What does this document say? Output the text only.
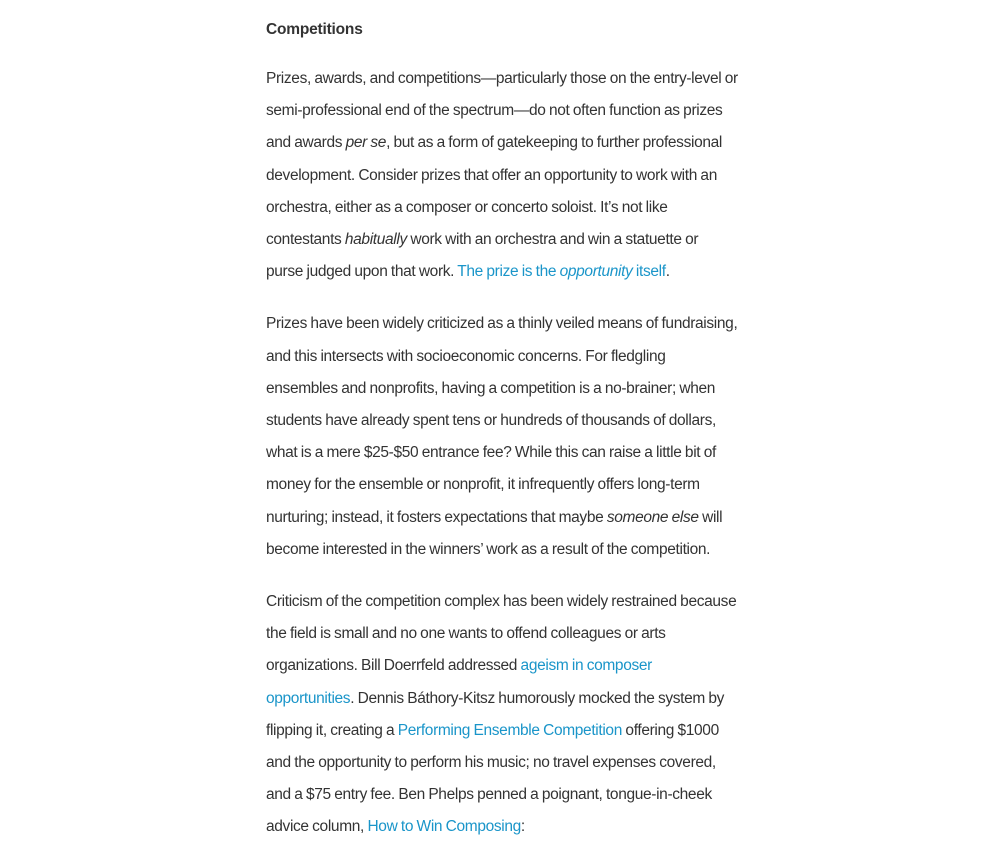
Competitions

Prizes, awards, and competitions—particularly those on the entry-level or
semi-professional end of the spectrum—do not often function as prizes
and awards per se, but as a form of gatekeeping to further professional
development. Consider prizes that offer an opportunity to work with an
orchestra, either as a composer or concerto soloist. It’s not like
contestants habitually work with an orchestra and win a statuette or
purse judged upon that work. The prize is the opportunity itself.

Prizes have been widely criticized as a thinly veiled means of fundraising,
and this intersects with socioeconomic concerns. For fledgling
ensembles and nonprofits, having a competition is a no-brainer; when
students have already spent tens or hundreds of thousands of dollars,
what is a mere $25-$50 entrance fee? While this can raise a little bit of
money for the ensemble or nonprofit, it infrequently offers long-term
nurturing; instead, it fosters expectations that maybe someone else will
become interested in the winners’ work as a result of the competition.

Criticism of the competition complex has been widely restrained because
the field is small and no one wants to offend colleagues or arts
organizations. Bill Doerrfeld addressed ageism in composer
opportunities. Dennis Báthory-Kitsz humorously mocked the system by
flipping it, creating a Performing Ensemble Competition offering $1000
and the opportunity to perform his music; no travel expenses covered,
and a $75 entry fee. Ben Phelps penned a poignant, tongue-in-cheek
advice column, How to Win Composing:
